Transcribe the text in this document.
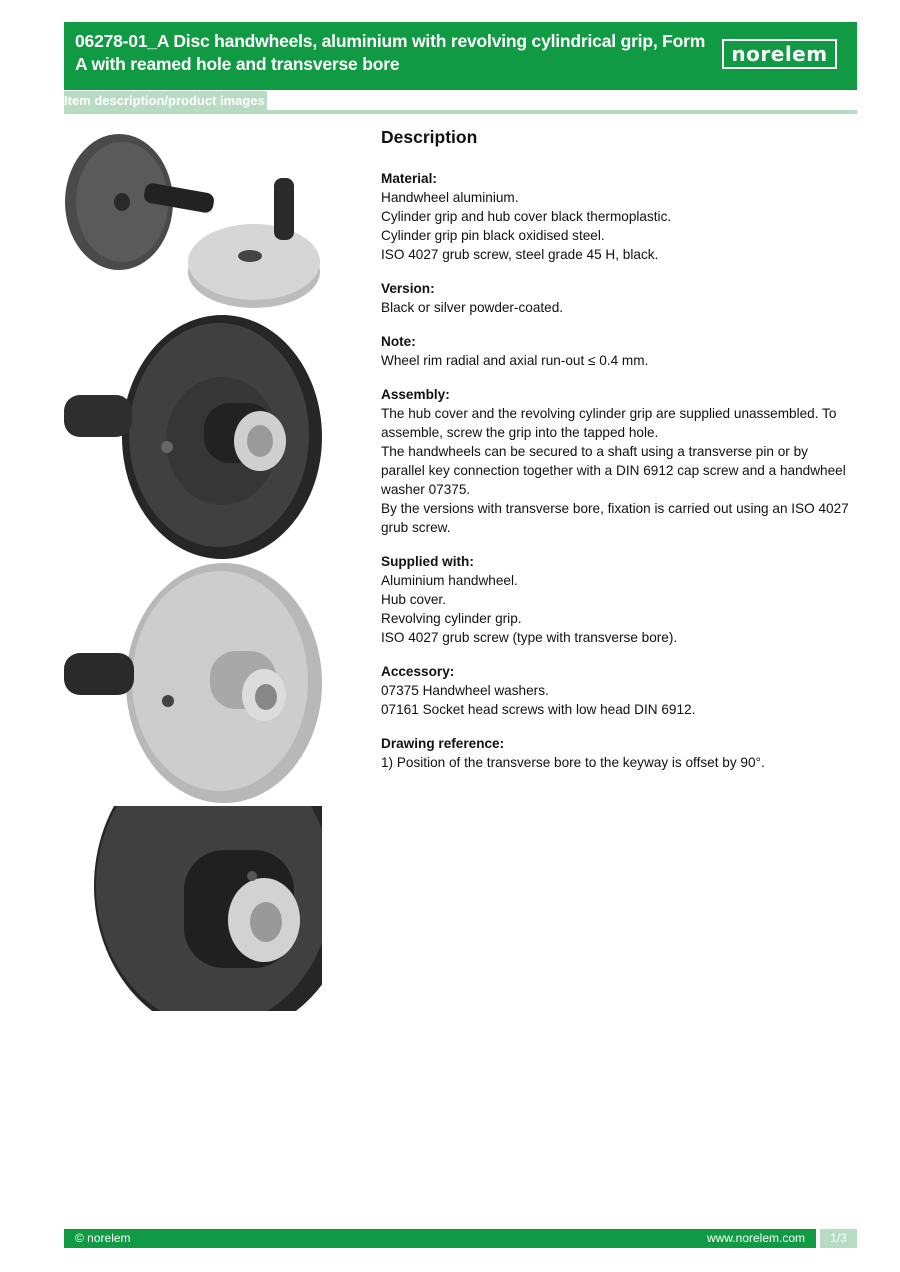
06278-01_A Disc handwheels, aluminium with revolving cylindrical grip, Form A with reamed hole and transverse bore	norelem
Item description/product images
Description
Material:
Handwheel aluminium.
Cylinder grip and hub cover black thermoplastic.
Cylinder grip pin black oxidised steel.
ISO 4027 grub screw, steel grade 45 H, black.
Version:
Black or silver powder-coated.
Note:
Wheel rim radial and axial run-out ≤ 0.4 mm.
Assembly:
The hub cover and the revolving cylinder grip are supplied unassembled. To assemble, screw the grip into the tapped hole.
The handwheels can be secured to a shaft using a transverse pin or by parallel key connection together with a DIN 6912 cap screw and a handwheel washer 07375.
By the versions with transverse bore, fixation is carried out using an ISO 4027 grub screw.
Supplied with:
Aluminium handwheel.
Hub cover.
Revolving cylinder grip.
ISO 4027 grub screw (type with transverse bore).
Accessory:
07375 Handwheel washers.
07161 Socket head screws with low head DIN 6912.
Drawing reference:
1) Position of the transverse bore to the keyway is offset by 90°.
© norelem	www.norelem.com	1/3
